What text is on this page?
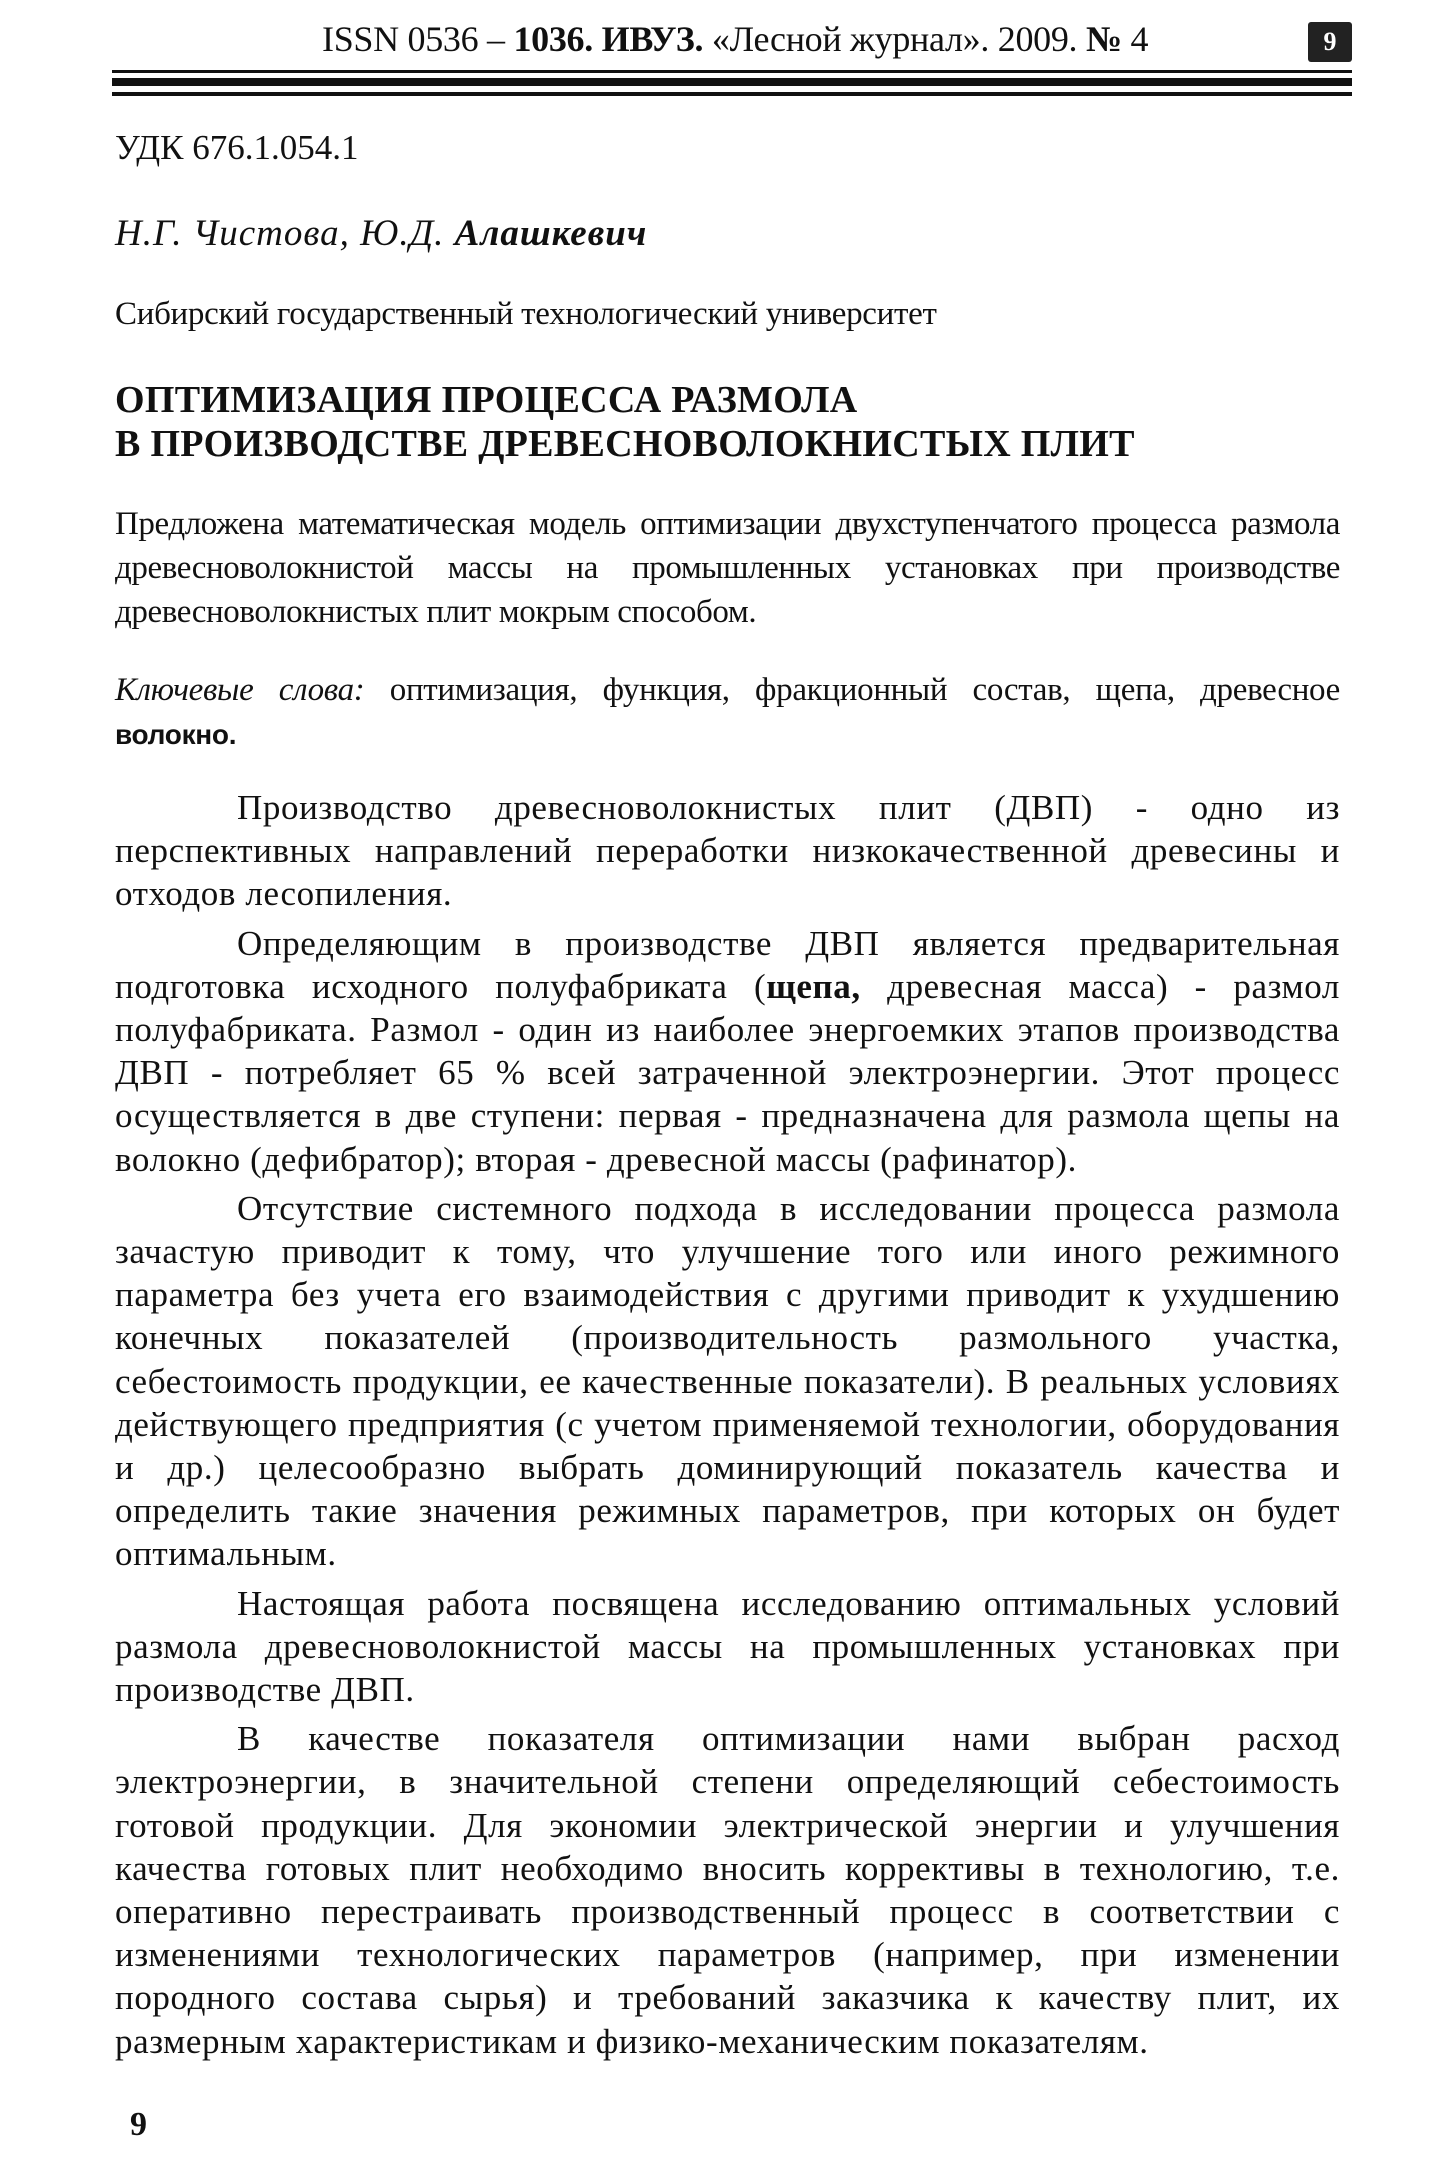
ISSN 0536 – 1036. ИВУЗ. «Лесной журнал». 2009. № 4	9
УДК 676.1.054.1
Н.Г. Чистова, Ю.Д. Алашкевич
Сибирский государственный технологический университет
ОПТИМИЗАЦИЯ ПРОЦЕССА РАЗМОЛА
В ПРОИЗВОДСТВЕ ДРЕВЕСНОВОЛОКНИСТЫХ ПЛИТ
Предложена математическая модель оптимизации двухступенчатого процесса размола древесноволокнистой массы на промышленных установках при производстве древесноволокнистых плит мокрым способом.
Ключевые слова: оптимизация, функция, фракционный состав, щепа, древесное волокно.

Производство древесноволокнистых плит (ДВП) - одно из перспективных направлений переработки низкокачественной древесины и отходов лесопиления.

Определяющим в производстве ДВП является предварительная подготовка исходного полуфабриката (щепа, древесная масса) - размол полуфабриката. Размол - один из наиболее энергоемких этапов производства ДВП - потребляет 65 % всей затраченной электроэнергии. Этот процесс осуществляется в две ступени: первая - предназначена для размола щепы на волокно (дефибратор); вторая - древесной массы (рафинатор).

Отсутствие системного подхода в исследовании процесса размола зачастую приводит к тому, что улучшение того или иного режимного параметра без учета его взаимодействия с другими приводит к ухудшению конечных показателей (производительность размольного участка, себестоимость продукции, ее качественные показатели). В реальных условиях действующего предприятия (с учетом применяемой технологии, оборудования и др.) целесообразно выбрать доминирующий показатель качества и определить такие значения режимных параметров, при которых он будет оптимальным.

Настоящая работа посвящена исследованию оптимальных условий размола древесноволокнистой массы на промышленных установках при производстве ДВП.

В качестве показателя оптимизации нами выбран расход электроэнергии, в значительной степени определяющий себестоимость готовой продукции. Для экономии электрической энергии и улучшения качества готовых плит необходимо вносить коррективы в технологию, т.е. оперативно перестраивать производственный процесс в соответствии с изменениями технологических параметров (например, при изменении породного состава сырья) и требований заказчика к качеству плит, их размерным характеристикам и физико-механическим показателям.

9
